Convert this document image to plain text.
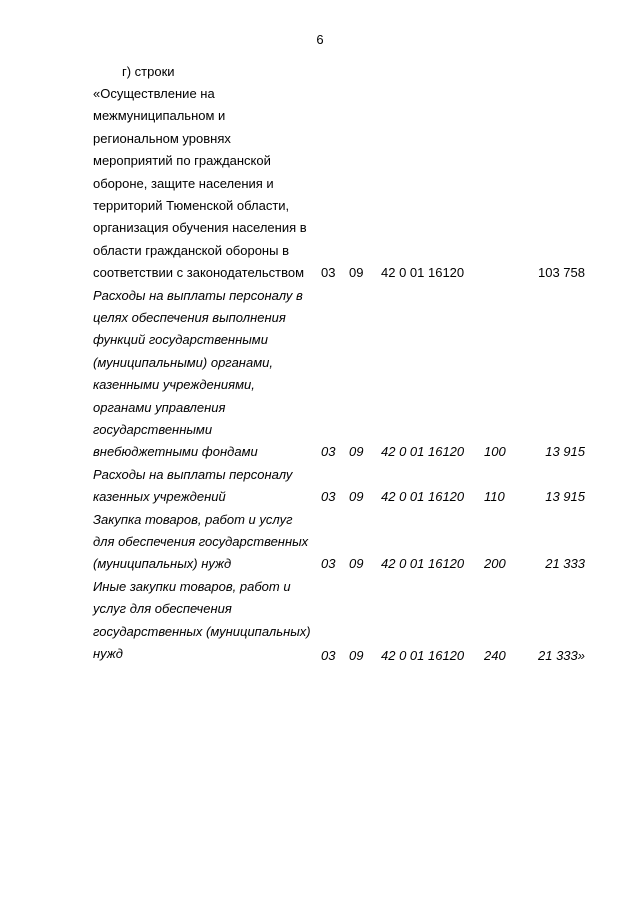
6
г) строки
«Осуществление на
межмуниципальном и
региональном уровнях
мероприятий по гражданской
обороне, защите населения и
территорий Тюменской области,
организация обучения населения в
области гражданской обороны в
соответствии с законодательством	03 09 42 0 01 16120	103 758
Расходы на выплаты персоналу в
целях обеспечения выполнения
функций государственными
(муниципальными) органами,
казенными учреждениями,
органами управления
государственными
внебюджетными фондами	03 09 42 0 01 16120 100	13 915
Расходы на выплаты персоналу
казенных учреждений	03 09 42 0 01 16120 110	13 915
Закупка товаров, работ и услуг
для обеспечения государственных
(муниципальных) нужд	03 09 42 0 01 16120 200	21 333
Иные закупки товаров, работ и
услуг для обеспечения
государственных (муниципальных)
нужд	03 09 42 0 01 16120 240 21 333»
